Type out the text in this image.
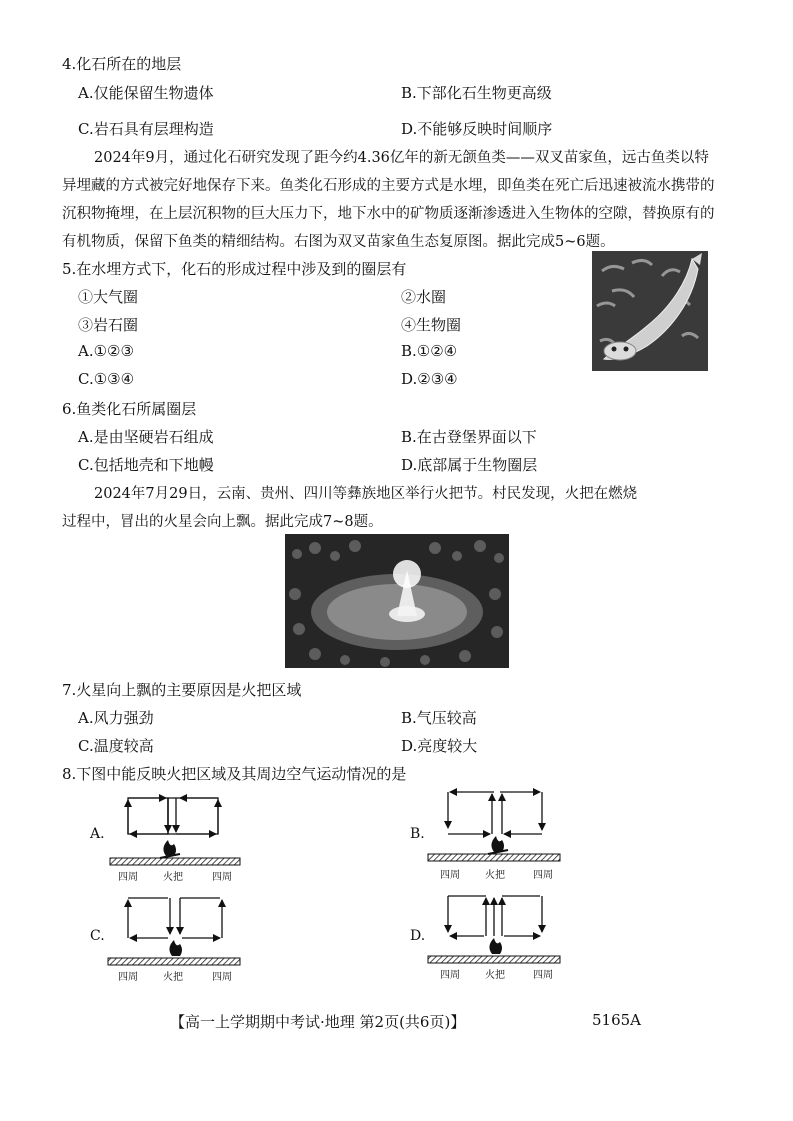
4.化石所在的地层
A.仅能保留生物遗体	B.下部化石生物更高级
C.岩石具有层理构造	D.不能够反映时间顺序
2024年9月，通过化石研究发现了距今约4.36亿年的新无颌鱼类——双叉苗家鱼，远古鱼类以特
异埋藏的方式被完好地保存下来。鱼类化石形成的主要方式是水埋，即鱼类在死亡后迅速被流水携带的
沉积物掩埋，在上层沉积物的巨大压力下，地下水中的矿物质逐渐渗透进入生物体的空隙，替换原有的
有机物质，保留下鱼类的精细结构。右图为双叉苗家鱼生态复原图。据此完成5~6题。
5.在水埋方式下，化石的形成过程中涉及到的圈层有
①大气圈	②水圈
③岩石圈	④生物圈
A.①②③	B.①②④
C.①③④	D.②③④
6.鱼类化石所属圈层
A.是由坚硬岩石组成	B.在古登堡界面以下
C.包括地壳和下地幔	D.底部属于生物圈层
2024年7月29日，云南、贵州、四川等彝族地区举行火把节。村民发现，火把在燃烧
过程中，冒出的火星会向上飘。据此完成7~8题。
7.火星向上飘的主要原因是火把区域
A.风力强劲	B.气压较高
C.温度较高	D.亮度较大
8.下图中能反映火把区域及其周边空气运动情况的是
A.
四周	火把	四周
B.
四周	火把	四周
C.
四周	火把	四周
D.
四周	火把	四周
【高一上学期期中考试·地理 第2页(共6页)】	5165A
